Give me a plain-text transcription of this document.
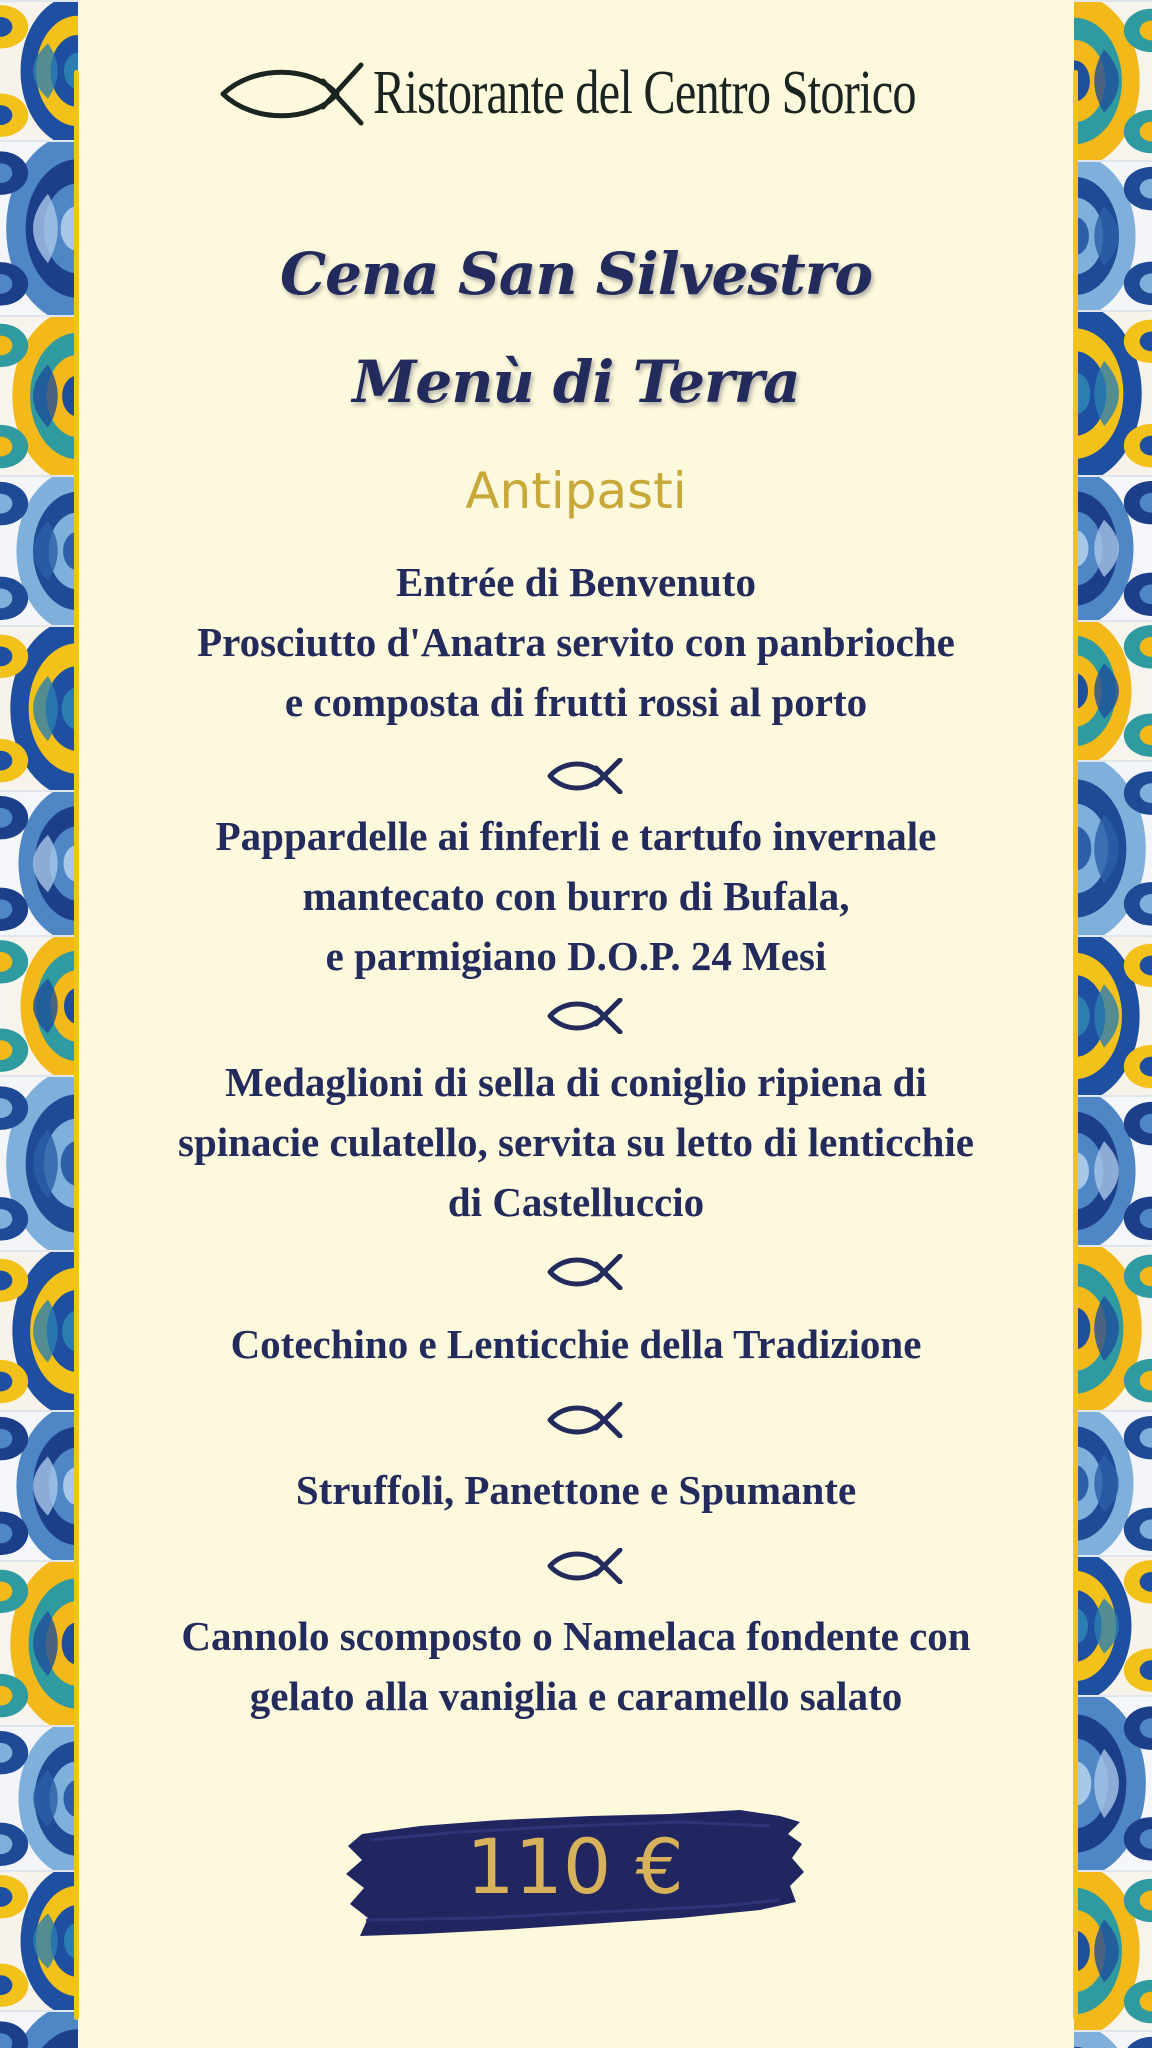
Ristorante del Centro Storico
Cena San Silvestro
Menù di Terra
Antipasti
Entrée di Benvenuto
Prosciutto d'Anatra servito con panbrioche
e composta di frutti rossi al porto
Pappardelle ai finferli e tartufo invernale
mantecato con burro di Bufala,
e parmigiano D.O.P. 24 Mesi
Medaglioni di sella di coniglio ripiena di
spinacie culatello, servita su letto di lenticchie
di Castelluccio
Cotechino e Lenticchie della Tradizione
Struffoli, Panettone e Spumante
Cannolo scomposto o Namelaca fondente con
gelato alla vaniglia e caramello salato
110 €
